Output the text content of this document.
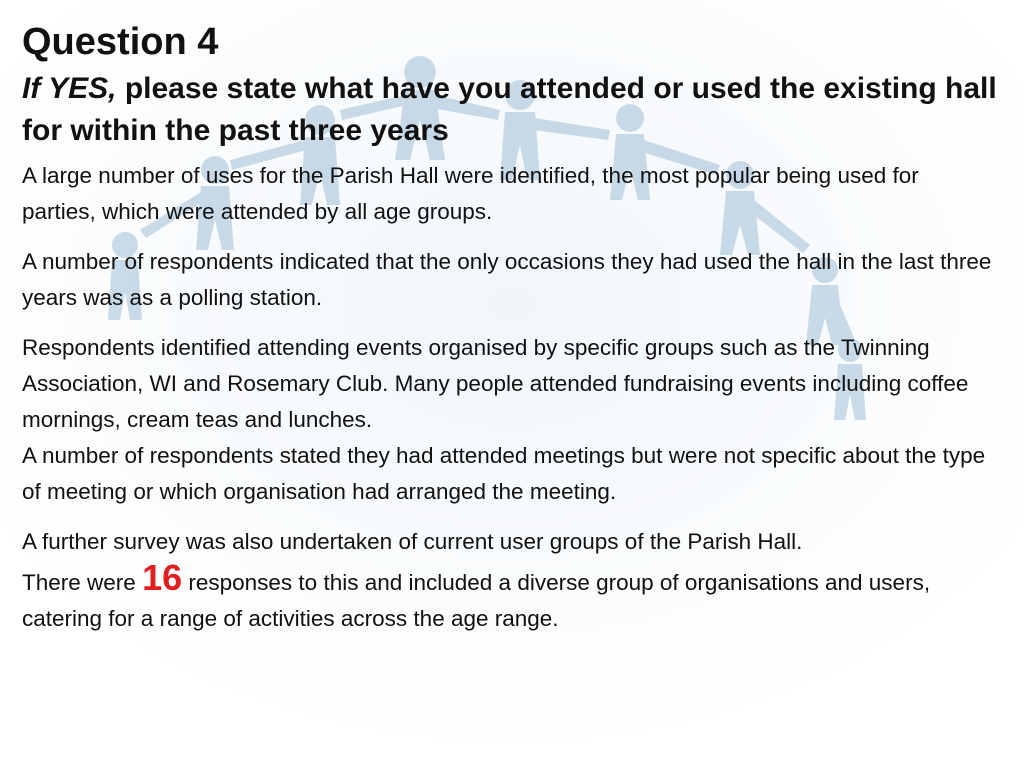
Question 4
If YES, please state what have you attended or used the existing hall for within the past three years

A large number of uses for the Parish Hall were identified, the most popular being used for parties, which were attended by all age groups.

A number of respondents indicated that the only occasions they had used the hall in the last three years was as a polling station.

Respondents identified attending events organised by specific groups such as the Twinning Association, WI and Rosemary Club. Many people attended fundraising events including coffee mornings, cream teas and lunches.

A number of respondents stated they had attended meetings but were not specific about the type of meeting or which organisation had arranged the meeting.

A further survey was also undertaken of current user groups of the Parish Hall.

There were 16 responses to this and included a diverse group of organisations and users, catering for a range of activities across the age range.
